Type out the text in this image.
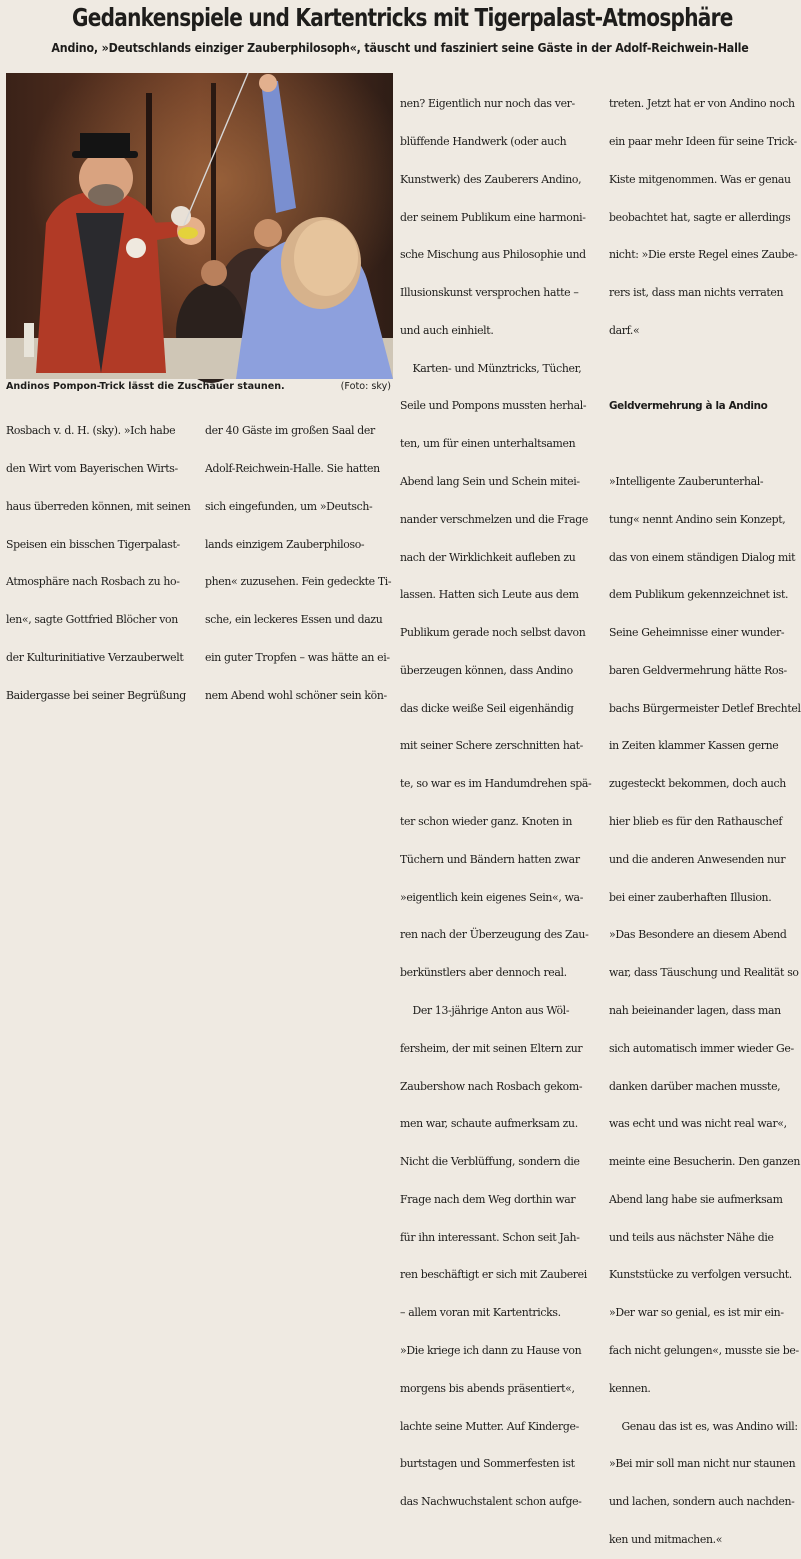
Gedankenspiele und Kartentricks mit Tigerpalast-Atmosphäre
Andino, »Deutschlands einziger Zauberphilosoph«, täuscht und fasziniert seine Gäste in der Adolf-Reichwein-Halle
Andinos Pompon-Trick lässt die Zuschauer staunen.	(Foto: sky)

Rosbach v. d. H. (sky). »Ich habe

den Wirt vom Bayerischen Wirts-

haus überreden können, mit seinen

Speisen ein bisschen Tigerpalast-

Atmosphäre nach Rosbach zu ho-

len«, sagte Gottfried Blöcher von

der Kulturinitiative Verzauberwelt

Baidergasse bei seiner Begrüßung

der 40 Gäste im großen Saal der

Adolf-Reichwein-Halle. Sie hatten

sich eingefunden, um »Deutsch-

lands einzigem Zauberphiloso-

phen« zuzusehen. Fein gedeckte Ti-

sche, ein leckeres Essen und dazu

ein guter Tropfen – was hätte an ei-

nem Abend wohl schöner sein kön-

nen? Eigentlich nur noch das ver-

blüffende Handwerk (oder auch

Kunstwerk) des Zauberers Andino,

der seinem Publikum eine harmoni-

sche Mischung aus Philosophie und

Illusionskunst versprochen hatte –

und auch einhielt.

Karten- und Münztricks, Tücher,

Seile und Pompons mussten herhal-

ten, um für einen unterhaltsamen

Abend lang Sein und Schein mitei-

nander verschmelzen und die Frage

nach der Wirklichkeit aufleben zu

lassen. Hatten sich Leute aus dem

Publikum gerade noch selbst davon

überzeugen können, dass Andino

das dicke weiße Seil eigenhändig

mit seiner Schere zerschnitten hat-

te, so war es im Handumdrehen spä-

ter schon wieder ganz. Knoten in

Tüchern und Bändern hatten zwar

»eigentlich kein eigenes Sein«, wa-

ren nach der Überzeugung des Zau-

berkünstlers aber dennoch real.

Der 13-jährige Anton aus Wöl-

fersheim, der mit seinen Eltern zur

Zaubershow nach Rosbach gekom-

men war, schaute aufmerksam zu.

Nicht die Verblüffung, sondern die

Frage nach dem Weg dorthin war

für ihn interessant. Schon seit Jah-

ren beschäftigt er sich mit Zauberei

– allem voran mit Kartentricks.

»Die kriege ich dann zu Hause von

morgens bis abends präsentiert«,

lachte seine Mutter. Auf Kindergе-

burtstagen und Sommerfesten ist

das Nachwuchstalent schon aufge-

treten. Jetzt hat er von Andino noch

ein paar mehr Ideen für seine Trick-

Kiste mitgenommen. Was er genau

beobachtet hat, sagte er allerdings

nicht: »Die erste Regel eines Zaube-

rers ist, dass man nichts verraten

darf.«

Geldvermehrung à la Andino

»Intelligente Zauberunterhal-

tung« nennt Andino sein Konzept,

das von einem ständigen Dialog mit

dem Publikum gekennzeichnet ist.

Seine Geheimnisse einer wunder-

baren Geldvermehrung hätte Ros-

bachs Bürgermeister Detlef Brechtel

in Zeiten klammer Kassen gerne

zugesteckt bekommen, doch auch

hier blieb es für den Rathauschef

und die anderen Anwesenden nur

bei einer zauberhaften Illusion.

»Das Besondere an diesem Abend

war, dass Täuschung und Realität so

nah beieinander lagen, dass man

sich automatisch immer wieder Ge-

danken darüber machen musste,

was echt und was nicht real war«,

meinte eine Besucherin. Den ganzen

Abend lang habe sie aufmerksam

und teils aus nächster Nähe die

Kunststücke zu verfolgen versucht.

»Der war so genial, es ist mir ein-

fach nicht gelungen«, musste sie be-

kennen.

Genau das ist es, was Andino will:

»Bei mir soll man nicht nur staunen

und lachen, sondern auch nachden-

ken und mitmachen.«
